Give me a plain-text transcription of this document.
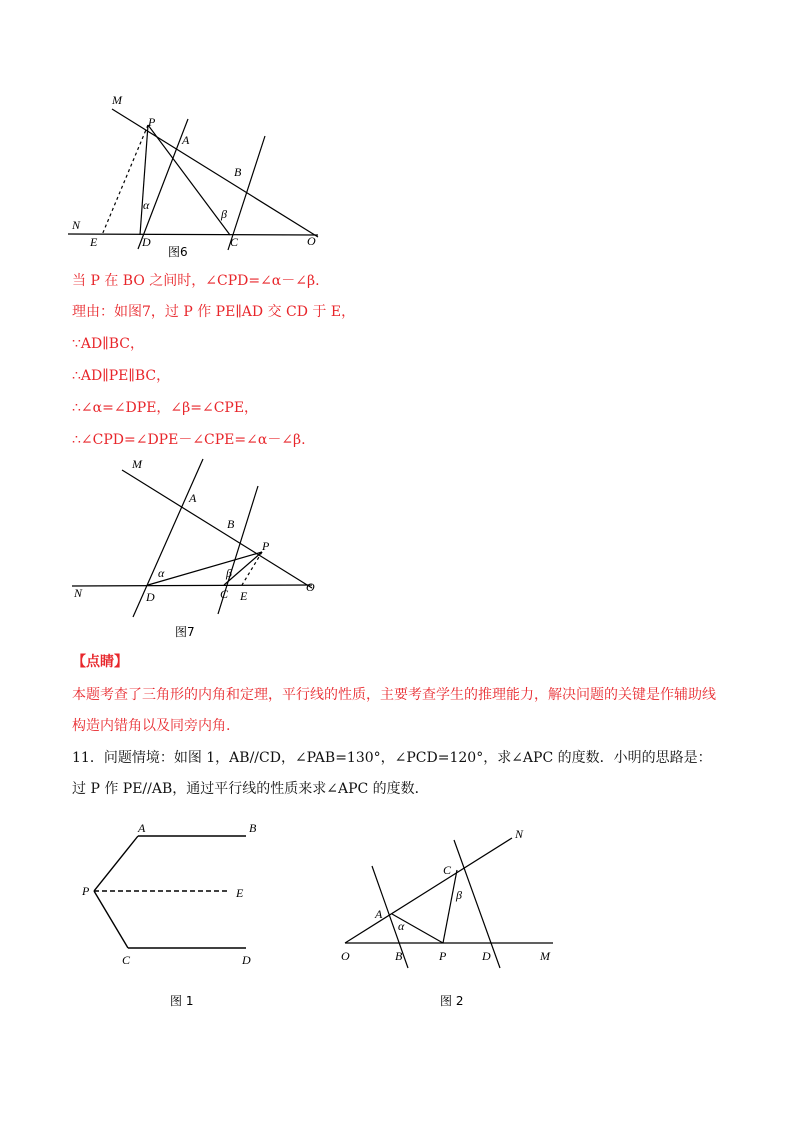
M
P
A
B
N
E	D	C	O
α
β
图6
当 P 在 BO 之间时，∠CPD=∠α－∠β.
理由：如图7，过 P 作 PE∥AD 交 CD 于 E，
∵AD∥BC，
∴AD∥PE∥BC，
∴∠α=∠DPE，∠β=∠CPE，
∴∠CPD=∠DPE－∠CPE=∠α－∠β.
M
A
B
P
N	D	C E
O
α	β
图7
【点睛】
本题考查了三角形的内角和定理，平行线的性质，主要考查学生的推理能力，解决问题的关键是作辅助线
构造内错角以及同旁内角.
11．问题情境：如图 1，AB//CD，∠PAB=130°，∠PCD=120°，求∠APC 的度数．小明的思路是：
过 P 作 PE//AB，通过平行线的性质来求∠APC 的度数．
A	B
P	E
C	D
图 1
N
C
β
A
α
O	B	P	D	M
图 2
